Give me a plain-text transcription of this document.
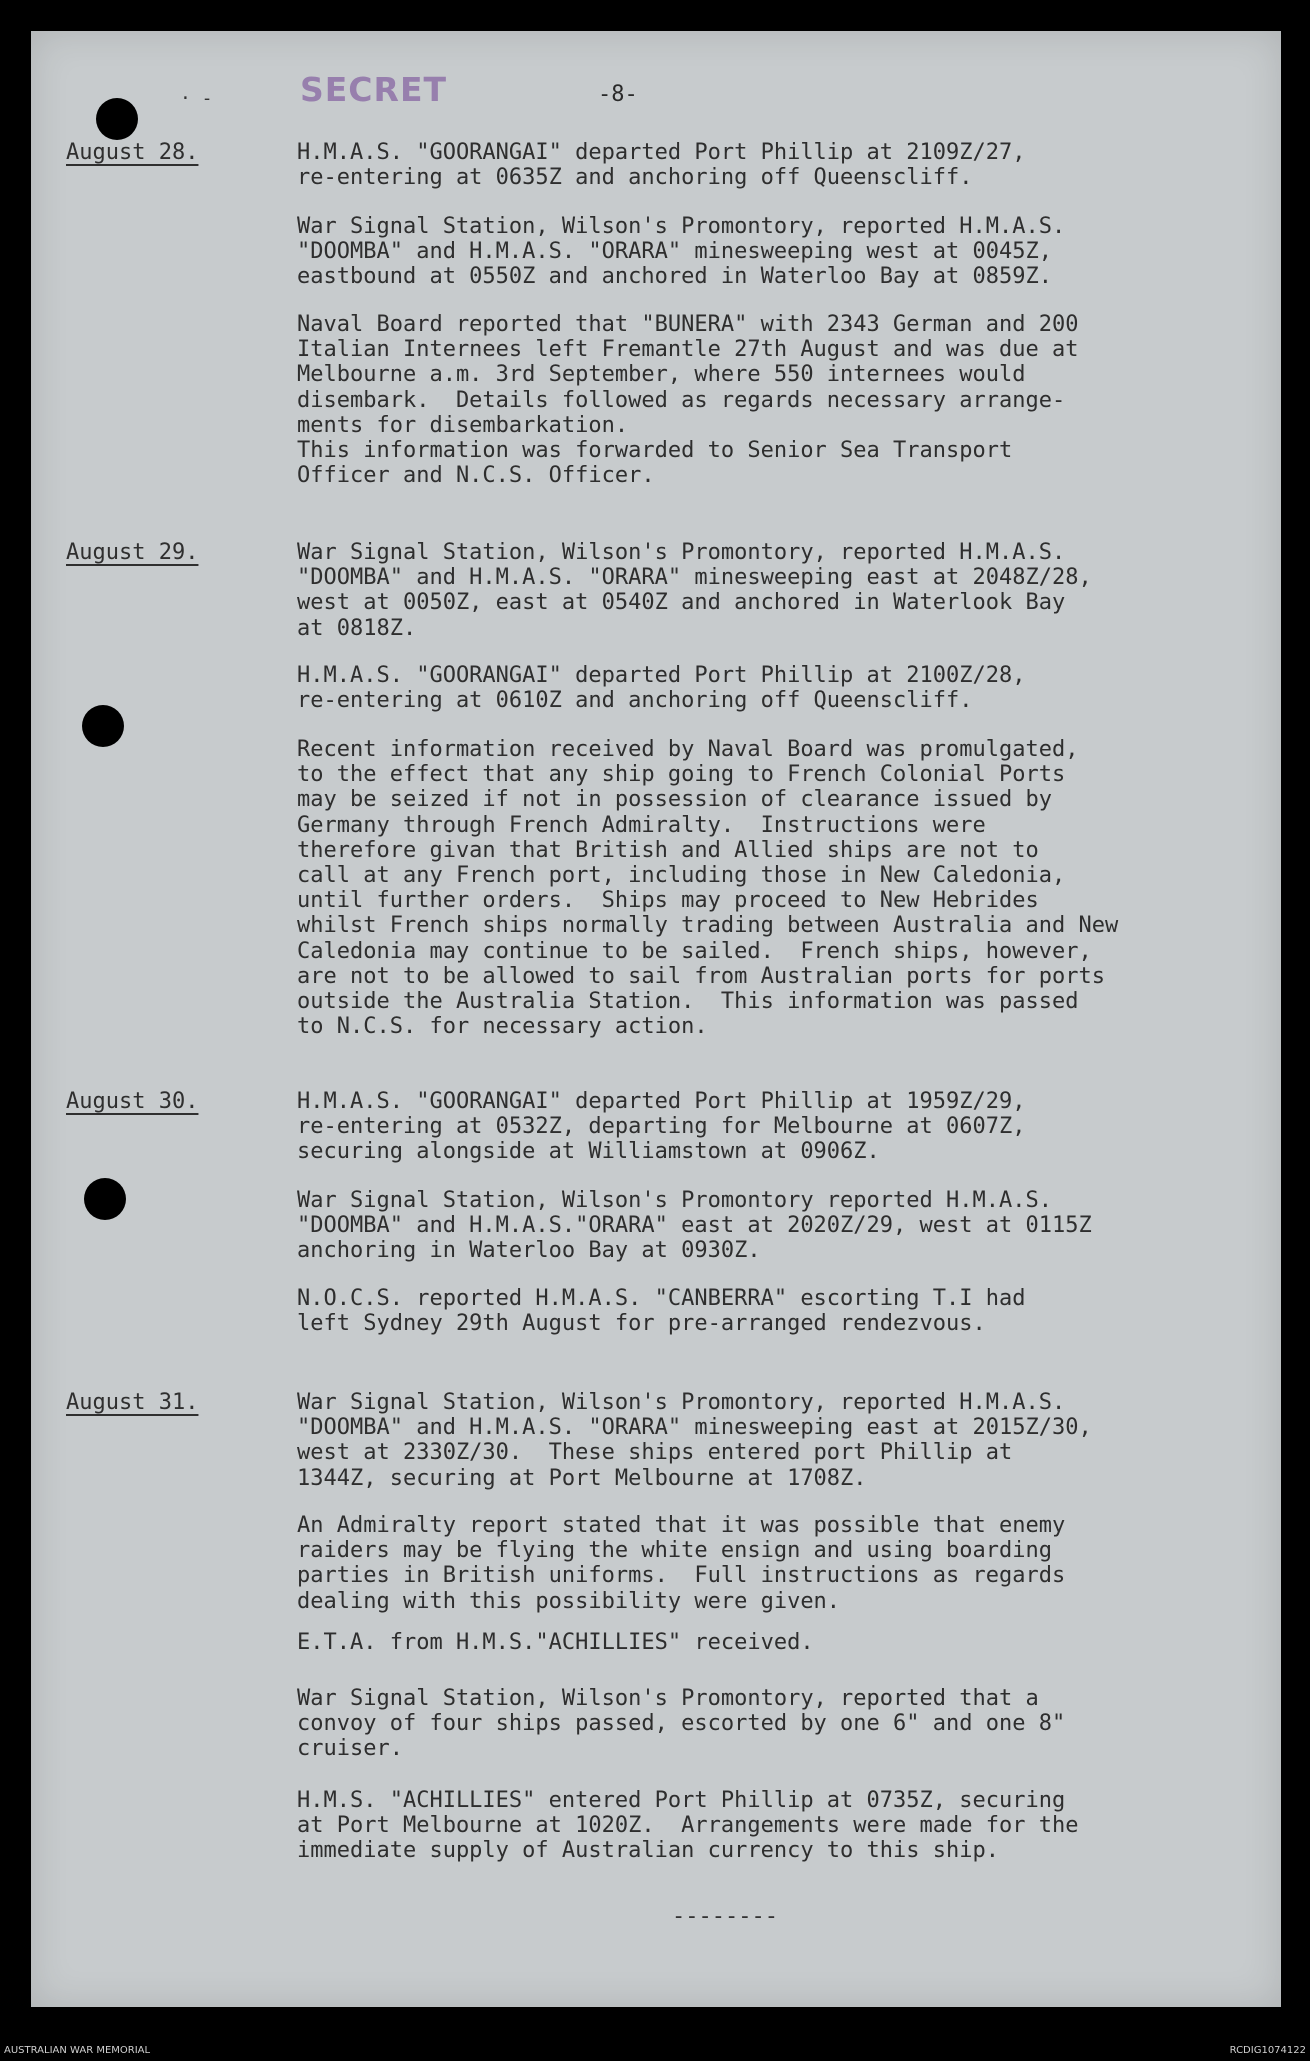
· -	SECRET	-8-
August 28.	H.M.A.S. "GOORANGAI" departed Port Phillip at 2109Z/27,
re-entering at 0635Z and anchoring off Queenscliff.
War Signal Station, Wilson's Promontory, reported H.M.A.S.
"DOOMBA" and H.M.A.S. "ORARA" minesweeping west at 0045Z,
eastbound at 0550Z and anchored in Waterloo Bay at 0859Z.
Naval Board reported that "BUNERA" with 2343 German and 200
Italian Internees left Fremantle 27th August and was due at
Melbourne a.m. 3rd September, where 550 internees would
disembark.  Details followed as regards necessary arrange-
ments for disembarkation.
This information was forwarded to Senior Sea Transport
Officer and N.C.S. Officer.
August 29.	War Signal Station, Wilson's Promontory, reported H.M.A.S.
"DOOMBA" and H.M.A.S. "ORARA" minesweeping east at 2048Z/28,
west at 0050Z, east at 0540Z and anchored in Waterlook Bay
at 0818Z.
H.M.A.S. "GOORANGAI" departed Port Phillip at 2100Z/28,
re-entering at 0610Z and anchoring off Queenscliff.
Recent information received by Naval Board was promulgated,
to the effect that any ship going to French Colonial Ports
may be seized if not in possession of clearance issued by
Germany through French Admiralty.  Instructions were
therefore givan that British and Allied ships are not to
call at any French port, including those in New Caledonia,
until further orders.  Ships may proceed to New Hebrides
whilst French ships normally trading between Australia and New
Caledonia may continue to be sailed.  French ships, however,
are not to be allowed to sail from Australian ports for ports
outside the Australia Station.  This information was passed
to N.C.S. for necessary action.
August 30.	H.M.A.S. "GOORANGAI" departed Port Phillip at 1959Z/29,
re-entering at 0532Z, departing for Melbourne at 0607Z,
securing alongside at Williamstown at 0906Z.
War Signal Station, Wilson's Promontory reported H.M.A.S.
"DOOMBA" and H.M.A.S."ORARA" east at 2020Z/29, west at 0115Z
anchoring in Waterloo Bay at 0930Z.
N.O.C.S. reported H.M.A.S. "CANBERRA" escorting T.I had
left Sydney 29th August for pre-arranged rendezvous.
August 31.	War Signal Station, Wilson's Promontory, reported H.M.A.S.
"DOOMBA" and H.M.A.S. "ORARA" minesweeping east at 2015Z/30,
west at 2330Z/30.  These ships entered port Phillip at
1344Z, securing at Port Melbourne at 1708Z.
An Admiralty report stated that it was possible that enemy
raiders may be flying the white ensign and using boarding
parties in British uniforms.  Full instructions as regards
dealing with this possibility were given.
E.T.A. from H.M.S."ACHILLIES" received.
War Signal Station, Wilson's Promontory, reported that a
convoy of four ships passed, escorted by one 6" and one 8"
cruiser.
H.M.S. "ACHILLIES" entered Port Phillip at 0735Z, securing
at Port Melbourne at 1020Z.  Arrangements were made for the
immediate supply of Australian currency to this ship.
--------
AUSTRALIAN WAR MEMORIAL	RCDIG1074122
